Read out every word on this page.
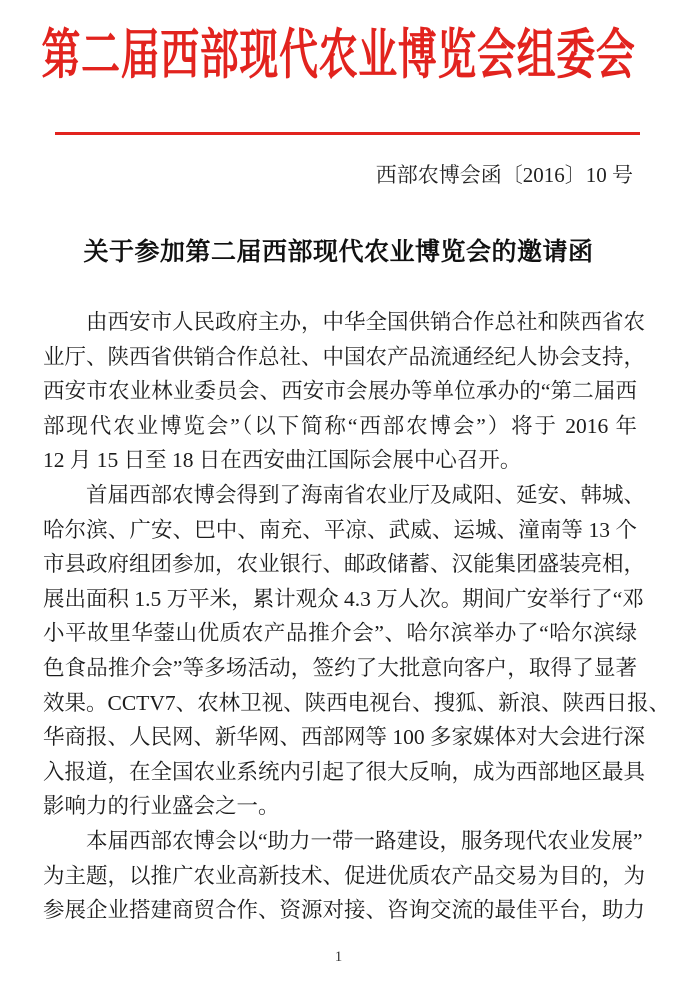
第二届西部现代农业博览会组委会
西部农博会函〔2016〕10 号
关于参加第二届西部现代农业博览会的邀请函
由西安市人民政府主办，中华全国供销合作总社和陕西省农
业厅、陕西省供销合作总社、中国农产品流通经纪人协会支持，
西安市农业林业委员会、西安市会展办等单位承办的“第二届西
部现代农业博览会”（以下简称“西部农博会”）将于 2016 年
12 月 15 日至 18 日在西安曲江国际会展中心召开。
首届西部农博会得到了海南省农业厅及咸阳、延安、韩城、
哈尔滨、广安、巴中、南充、平凉、武威、运城、潼南等 13 个
市县政府组团参加，农业银行、邮政储蓄、汉能集团盛装亮相，
展出面积 1.5 万平米，累计观众 4.3 万人次。期间广安举行了“邓
小平故里华蓥山优质农产品推介会”、哈尔滨举办了“哈尔滨绿
色食品推介会”等多场活动，签约了大批意向客户，取得了显著
效果。CCTV7、农林卫视、陕西电视台、搜狐、新浪、陕西日报、
华商报、人民网、新华网、西部网等 100 多家媒体对大会进行深
入报道，在全国农业系统内引起了很大反响，成为西部地区最具
影响力的行业盛会之一。
本届西部农博会以“助力一带一路建设，服务现代农业发展”
为主题，以推广农业高新技术、促进优质农产品交易为目的，为
参展企业搭建商贸合作、资源对接、咨询交流的最佳平台，助力
1
